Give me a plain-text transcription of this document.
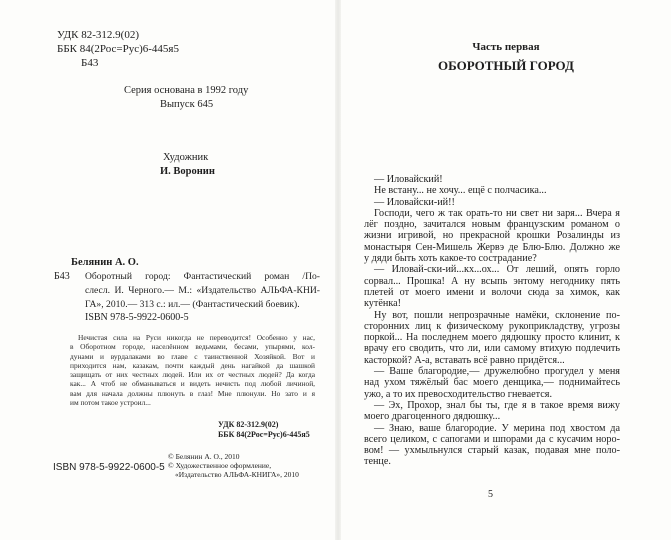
УДК 82-312.9(02)
ББК 84(2Рос=Рус)6-445я5
Б43
Серия основана в 1992 году
Выпуск 645
Художник
И. Воронин
Белянин А. О.
Б43 Оборотный город: Фантастический роман /По-
слесл. И. Черного.— М.: «Издательство АЛЬФА-КНИ-
ГА», 2010.— 313 с.: ил.— (Фантастический боевик).
ISBN 978-5-9922-0600-5
Нечистая сила на Руси никогда не переводится! Особенно у нас,
в Оборотном городе, населённом ведьмами, бесами, упырями, кол-
дунами и вурдалаками во главе с таинственной Хозяйкой. Вот и
приходится нам, казакам, почти каждый день нагайкой да шашкой
защищать от них честных людей. Или их от честных людей? Да когда
как... А чтоб не обманываться и видеть нечисть под любой личиной,
вам для начала должны плюнуть в глаз! Мне плюнули. Но зато и я
им потом такое устроил...
УДК 82-312.9(02)
ББК 84(2Рос=Рус)6-445я5
© Белянин А. О., 2010
© Художественное оформление,
«Издательство АЛЬФА-КНИГА», 2010
ISBN 978-5-9922-0600-5
Часть первая
ОБОРОТНЫЙ ГОРОД
— Иловайский!
Не встану... не хочу... ещё с полчасика...
— Иловайски-ий!!
Господи, чего ж так орать-то ни свет ни заря... Вчера я
лёг поздно, зачитался новым французским романом о
жизни игривой, но прекрасной крошки Розалинды из
монастыря Сен-Мишель Жервэ де Блю-Блю. Должно же
у дяди быть хоть какое-то сострадание?
— Иловай-ски-ий...кх...ох... От леший, опять горло
сорвал... Прошка! А ну всыпь энтому негоднику пять
плетей от моего имени и волочи сюда за химок, как
кутёнка!
Ну вот, пошли непрозрачные намёки, склонение по-
сторонних лиц к физическому рукоприкладству, угрозы
поркой... На последнем моего дядюшку просто клинит, к
врачу его сводить, что ли, или самому втихую подлечить
касторкой? А-а, вставать всё равно придётся...
— Ваше благородие,— дружелюбно прогудел у меня
над ухом тяжёлый бас моего денщика,— поднимайтесь
ужо, а то их превосходительство гневается.
— Эх, Прохор, знал бы ты, где я в такое время вижу
моего драгоценного дядюшку...
— Знаю, ваше благородие. У мерина под хвостом да
всего целиком, с сапогами и шпорами да с кусачим норо-
вом! — ухмыльнулся старый казак, подавая мне поло-
тенце.
5
